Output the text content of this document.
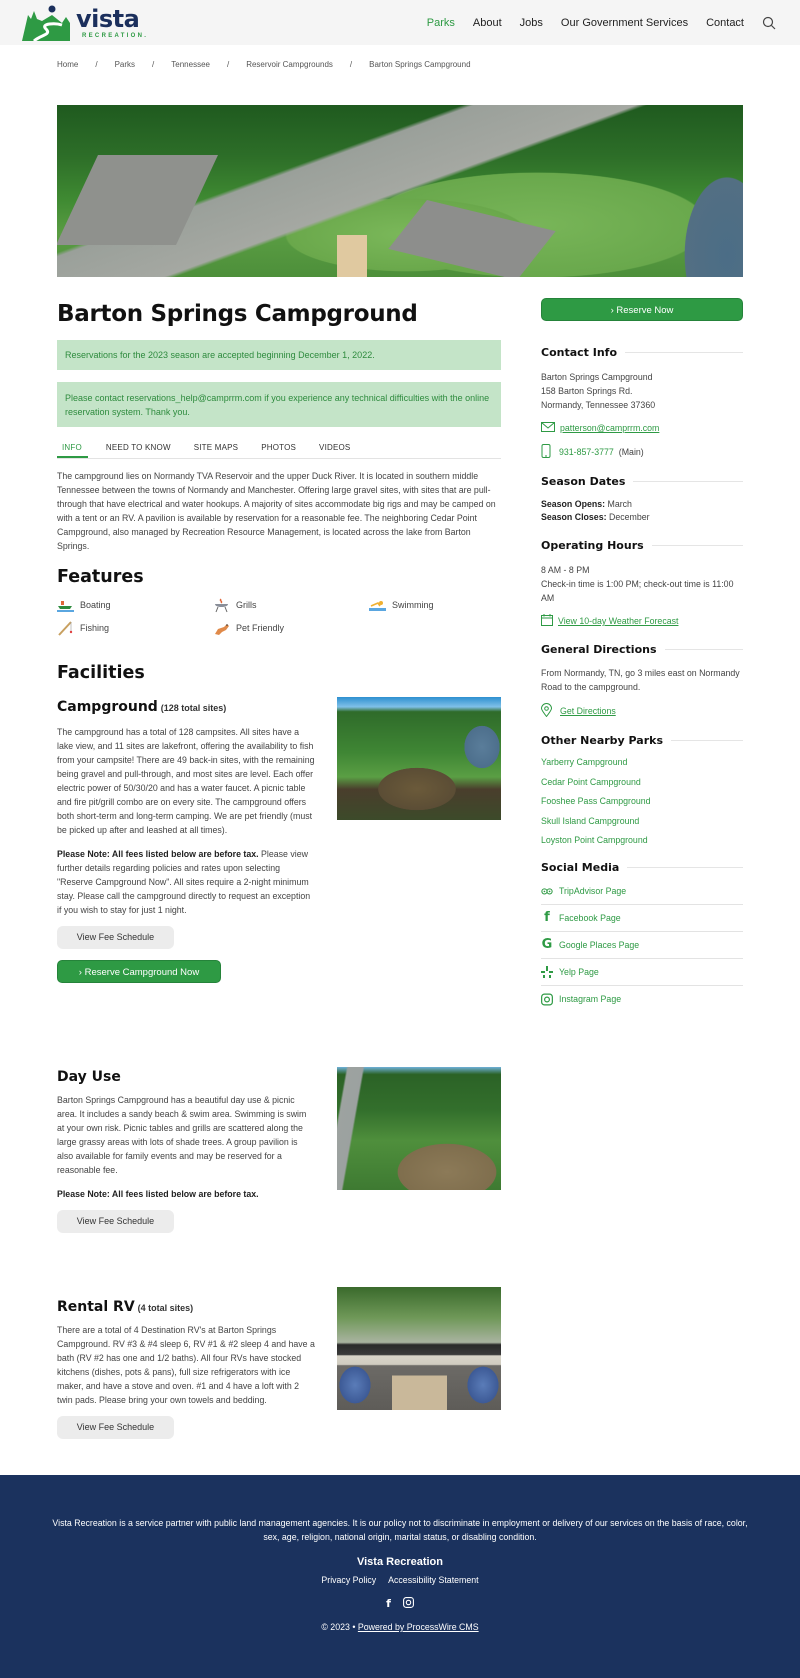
vista
RECREATION.
Parks About Jobs Our Government Services Contact
Home / Parks / Tennessee / Reservoir Campgrounds / Barton Springs Campground
Barton Springs Campground
Reservations for the 2023 season are accepted beginning December 1, 2022.
Please contact reservations_help@camprrm.com if you experience any technical difficulties with the online reservation system. Thank you.
INFO	NEED TO KNOW	SITE MAPS	PHOTOS	VIDEOS

The campground lies on Normandy TVA Reservoir and the upper Duck River. It is located in southern middle Tennessee between the towns of Normandy and Manchester. Offering large gravel sites, with sites that are pull-through that have electrical and water hookups. A majority of sites accommodate big rigs and may be camped on with a tent or an RV. A pavilion is available by reservation for a reasonable fee. The neighboring Cedar Point Campground, also managed by Recreation Resource Management, is located across the lake from Barton Springs.

Features
Boating	Grills	Swimming
Fishing	Pet Friendly
Facilities
Campground (128 total sites)

The campground has a total of 128 campsites. All sites have a lake view, and 11 sites are lakefront, offering the availability to fish from your campsite! There are 49 back-in sites, with the remaining being gravel and pull-through, and most sites are level. Each offer electric power of 50/30/20 and has a water faucet. A picnic table and fire pit/grill combo are on every site. The campground offers both short-term and long-term camping. We are pet friendly (must be picked up after and leashed at all times).

Please Note: All fees listed below are before tax. Please view further details regarding policies and rates upon selecting "Reserve Campground Now". All sites require a 2-night minimum stay. Please call the campground directly to request an exception if you wish to stay for just 1 night.

View Fee Schedule
› Reserve Campground Now
Day Use

Barton Springs Campground has a beautiful day use & picnic area. It includes a sandy beach & swim area. Swimming is swim at your own risk. Picnic tables and grills are scattered along the large grassy areas with lots of shade trees. A group pavilion is also available for family events and may be reserved for a reasonable fee.

Please Note: All fees listed below are before tax.

View Fee Schedule
Rental RV (4 total sites)

There are a total of 4 Destination RV's at Barton Springs Campground. RV #3 & #4 sleep 6, RV #1 & #2 sleep 4 and have a bath (RV #2 has one and 1/2 baths). All four RVs have stocked kitchens (dishes, pots & pans), full size refrigerators with ice maker, and have a stove and oven. #1 and 4 have a loft with 2 twin pads. Please bring your own towels and bedding.

View Fee Schedule
› Reserve Now
Contact Info
Barton Springs Campground
158 Barton Springs Rd.
Normandy, Tennessee 37360
patterson@camprrm.com
931-857-3777 (Main)
Season Dates
Season Opens: March
Season Closes: December
Operating Hours
8 AM - 8 PM
Check-in time is 1:00 PM; check-out time is 11:00 AM
View 10-day Weather Forecast
General Directions

From Normandy, TN, go 3 miles east on Normandy Road to the campground.

Get Directions
Other Nearby Parks
Yarberry Campground
Cedar Point Campground
Fooshee Pass Campground
Skull Island Campground
Loyston Point Campground
Social Media
TripAdvisor Page
f	Facebook Page
G Google Places Page
Yelp Page
Instagram Page

Vista Recreation is a service partner with public land management agencies. It is our policy not to discriminate in employment or delivery of our services on the basis of race, color, sex, age, religion, national origin, marital status, or disabling condition.

Vista Recreation
Privacy Policy Accessibility Statement
f
© 2023 • Powered by ProcessWire CMS
